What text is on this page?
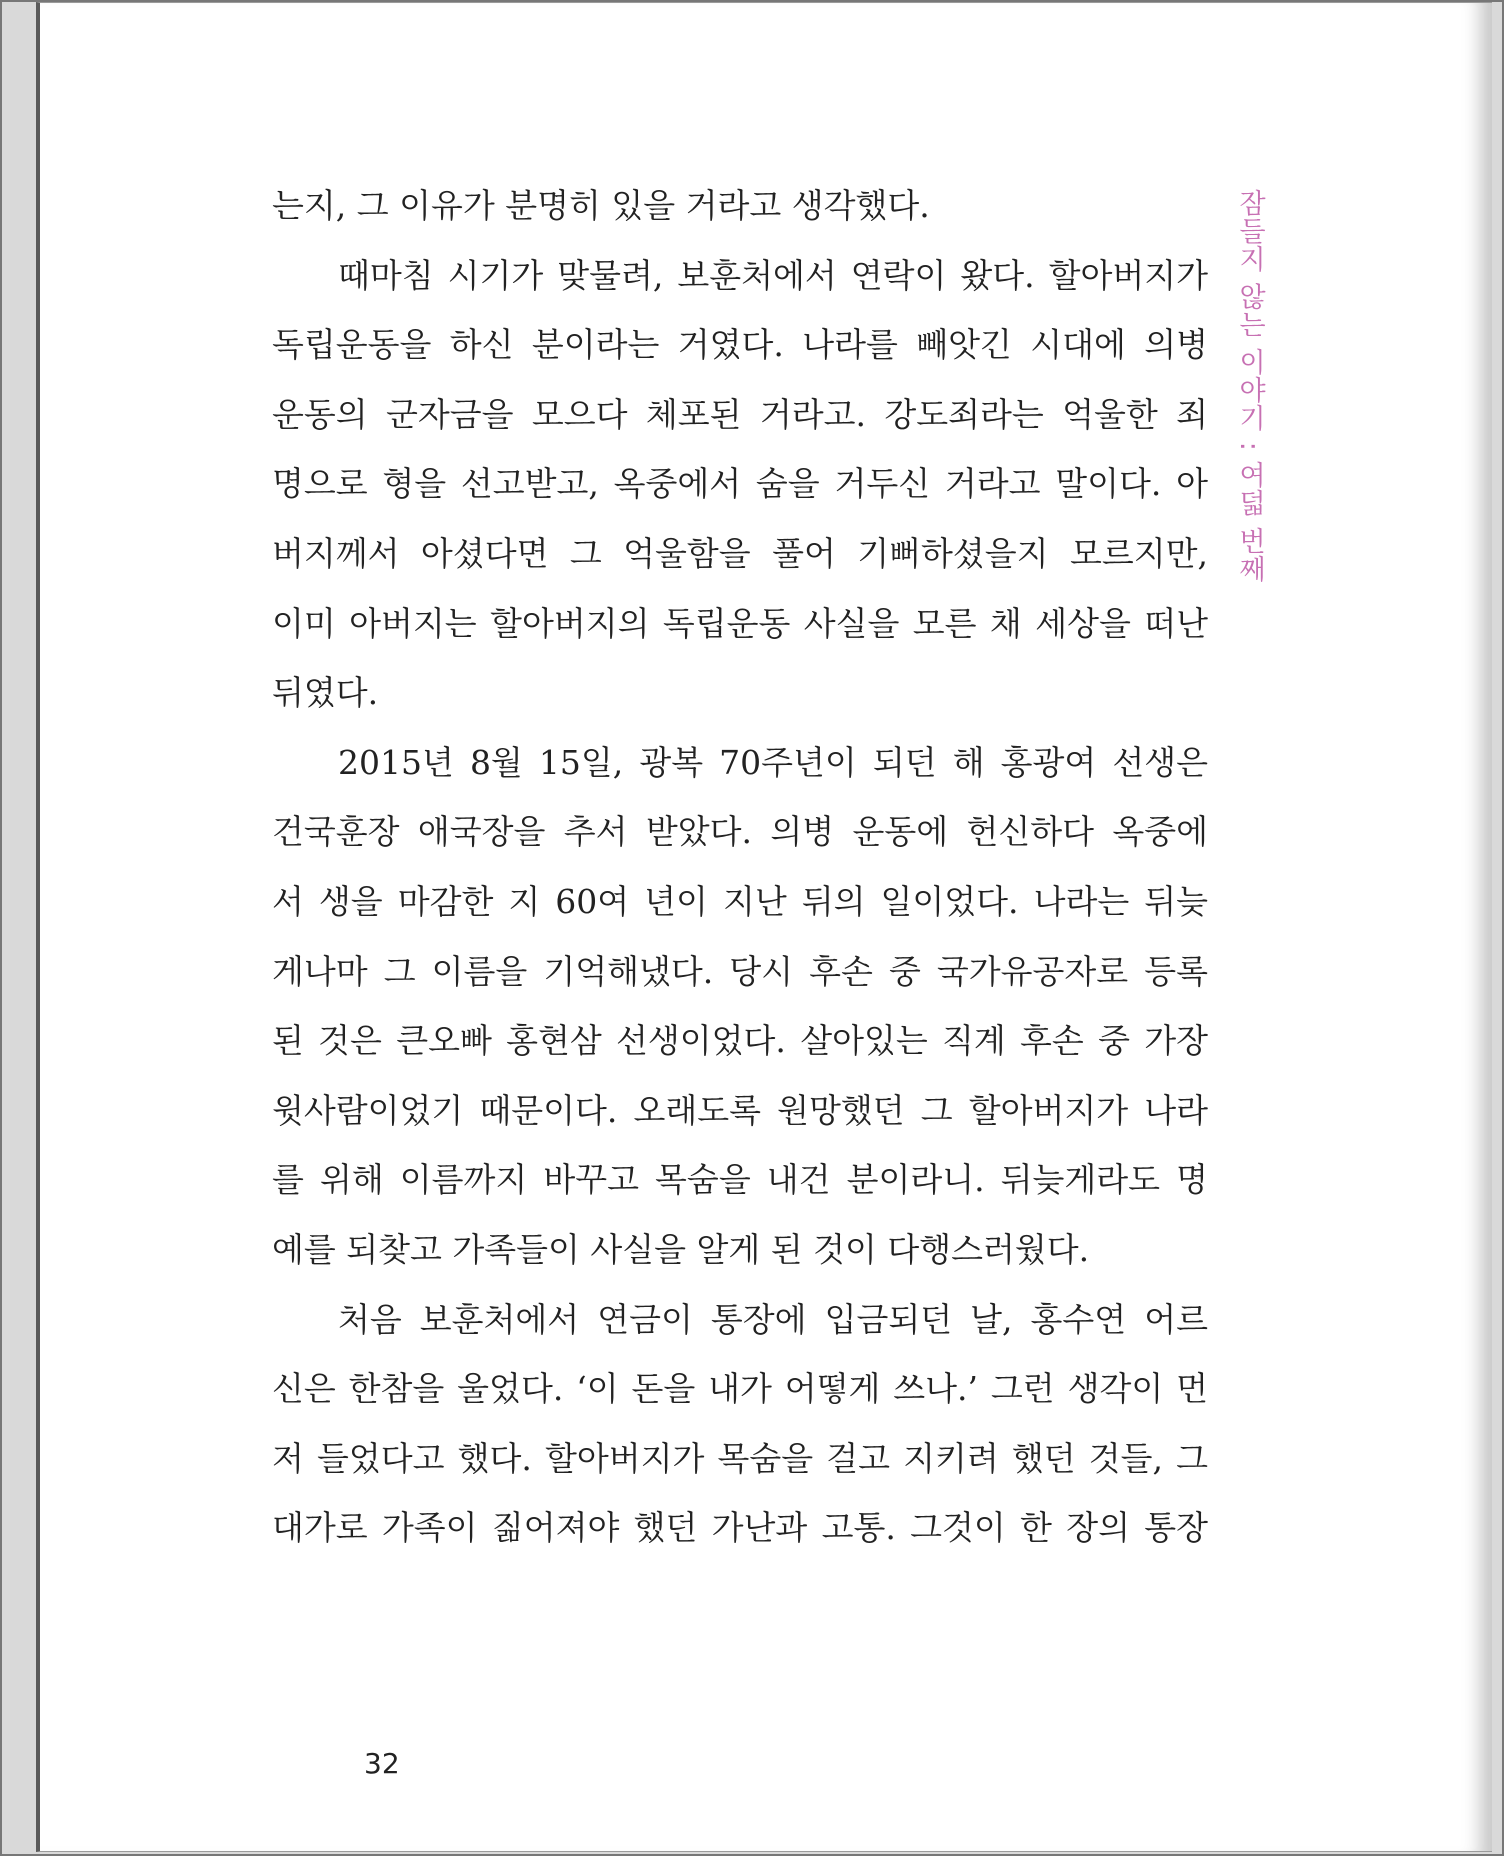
잠들지 않는 이야기 : 여덟 번째
는지, 그 이유가 분명히 있을 거라고 생각했다.
때마침 시기가 맞물려, 보훈처에서 연락이 왔다. 할아버지가
독립운동을 하신 분이라는 거였다. 나라를 빼앗긴 시대에 의병
운동의 군자금을 모으다 체포된 거라고. 강도죄라는 억울한 죄
명으로 형을 선고받고, 옥중에서 숨을 거두신 거라고 말이다. 아
버지께서 아셨다면 그 억울함을 풀어 기뻐하셨을지 모르지만,
이미 아버지는 할아버지의 독립운동 사실을 모른 채 세상을 떠난
뒤였다.
2015년 8월 15일, 광복 70주년이 되던 해 홍광여 선생은
건국훈장 애국장을 추서 받았다. 의병 운동에 헌신하다 옥중에
서 생을 마감한 지 60여 년이 지난 뒤의 일이었다. 나라는 뒤늦
게나마 그 이름을 기억해냈다. 당시 후손 중 국가유공자로 등록
된 것은 큰오빠 홍현삼 선생이었다. 살아있는 직계 후손 중 가장
윗사람이었기 때문이다. 오래도록 원망했던 그 할아버지가 나라
를 위해 이름까지 바꾸고 목숨을 내건 분이라니. 뒤늦게라도 명
예를 되찾고 가족들이 사실을 알게 된 것이 다행스러웠다.
처음 보훈처에서 연금이 통장에 입금되던 날, 홍수연 어르
신은 한참을 울었다. ‘이 돈을 내가 어떻게 쓰나.’ 그런 생각이 먼
저 들었다고 했다. 할아버지가 목숨을 걸고 지키려 했던 것들, 그
대가로 가족이 짊어져야 했던 가난과 고통. 그것이 한 장의 통장
32
